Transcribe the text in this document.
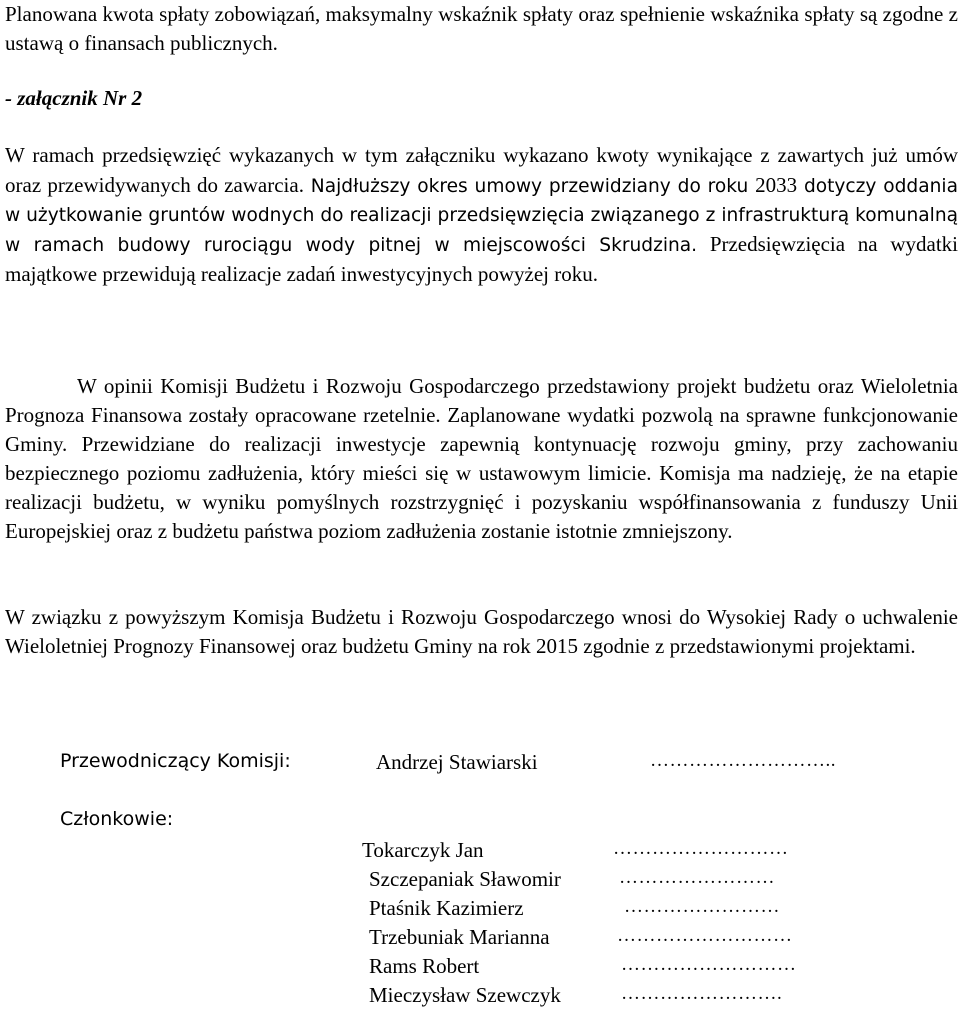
Planowana kwota spłaty zobowiązań, maksymalny wskaźnik spłaty oraz spełnienie wskaźnika spłaty są zgodne z ustawą o finansach publicznych.

- załącznik Nr 2

W ramach przedsięwzięć wykazanych w tym załączniku wykazano kwoty wynikające z zawartych już umów oraz przewidywanych do zawarcia. Najdłuższy okres umowy przewidziany do roku 2033 dotyczy oddania w użytkowanie gruntów wodnych do realizacji przedsięwzięcia związanego z infrastrukturą komunalną w ramach budowy rurociągu wody pitnej w miejscowości Skrudzina. Przedsięwzięcia na wydatki majątkowe przewidują realizacje zadań inwestycyjnych powyżej roku.

W opinii Komisji Budżetu i Rozwoju Gospodarczego przedstawiony projekt budżetu oraz Wieloletnia Prognoza Finansowa zostały opracowane rzetelnie. Zaplanowane wydatki pozwolą na sprawne funkcjonowanie Gminy. Przewidziane do realizacji inwestycje zapewnią kontynuację rozwoju gminy, przy zachowaniu bezpiecznego poziomu zadłużenia, który mieści się w ustawowym limicie. Komisja ma nadzieję, że na etapie realizacji budżetu, w wyniku pomyślnych rozstrzygnięć i pozyskaniu współfinansowania z funduszy Unii Europejskiej oraz z budżetu państwa poziom zadłużenia zostanie istotnie zmniejszony.

W związku z powyższym Komisja Budżetu i Rozwoju Gospodarczego wnosi do Wysokiej Rady o uchwalenie Wieloletniej Prognozy Finansowej oraz budżetu Gminy na rok 2015 zgodnie z przedstawionymi projektami.

Przewodniczący Komisji:	Andrzej Stawiarski	………………………..

Członkowie:

Tokarczyk Jan	………………………

Szczepaniak Sławomir	……………………

Ptaśnik Kazimierz	……………………

Trzebuniak Marianna	………………………

Rams Robert	………………………

Mieczysław Szewczyk	…………………….
